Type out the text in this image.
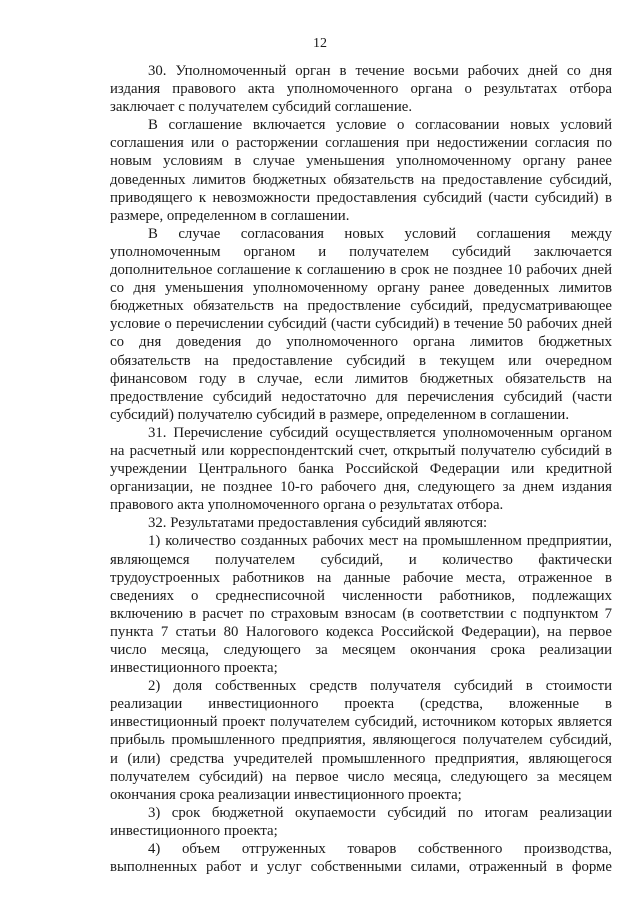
12
30. Уполномоченный орган в течение восьми рабочих дней со дня
издания правового акта уполномоченного органа о результатах отбора
заключает с получателем субсидий соглашение.
В соглашение включается условие о согласовании новых условий
соглашения или о расторжении соглашения при недостижении согласия по
новым условиям в случае уменьшения уполномоченному органу ранее
доведенных лимитов бюджетных обязательств на предоставление субсидий,
приводящего к невозможности предоставления субсидий (части субсидий) в
размере, определенном в соглашении.
В случае согласования новых условий соглашения между
уполномоченным органом и получателем субсидий заключается
дополнительное соглашение к соглашению в срок не позднее 10 рабочих дней
со дня уменьшения уполномоченному органу ранее доведенных лимитов
бюджетных обязательств на предоствление субсидий, предусматривающее
условие о перечислении субсидий (части субсидий) в течение 50 рабочих дней
со дня доведения до уполномоченного органа лимитов бюджетных
обязательств на предоставление субсидий в текущем или очередном
финансовом году в случае, если лимитов бюджетных обязательств на
предоствление субсидий недостаточно для перечисления субсидий (части
субсидий) получателю субсидий в размере, определенном в соглашении.
31. Перечисление субсидий осуществляется уполномоченным органом
на расчетный или корреспондентский счет, открытый получателю субсидий в
учреждении Центрального банка Российской Федерации или кредитной
организации, не позднее 10-го рабочего дня, следующего за днем издания
правового акта уполномоченного органа о результатах отбора.
32. Результатами предоставления субсидий являются:
1) количество созданных рабочих мест на промышленном предприятии,
являющемся получателем субсидий, и количество фактически
трудоустроенных работников на данные рабочие места, отраженное в
сведениях о среднесписочной численности работников, подлежащих
включению в расчет по страховым взносам (в соответствии с подпунктом 7
пункта 7 статьи 80 Налогового кодекса Российской Федерации), на первое
число месяца, следующего за месяцем окончания срока реализации
инвестиционного проекта;
2) доля собственных средств получателя субсидий в стоимости
реализации инвестиционного проекта (средства, вложенные в
инвестиционный проект получателем субсидий, источником которых является
прибыль промышленного предприятия, являющегося получателем субсидий,
и (или) средства учредителей промышленного предприятия, являющегося
получателем субсидий) на первое число месяца, следующего за месяцем
окончания срока реализации инвестиционного проекта;
3) срок бюджетной окупаемости субсидий по итогам реализации
инвестиционного проекта;
4) объем отгруженных товаров собственного производства,
выполненных работ и услуг собственными силами, отраженный в форме
